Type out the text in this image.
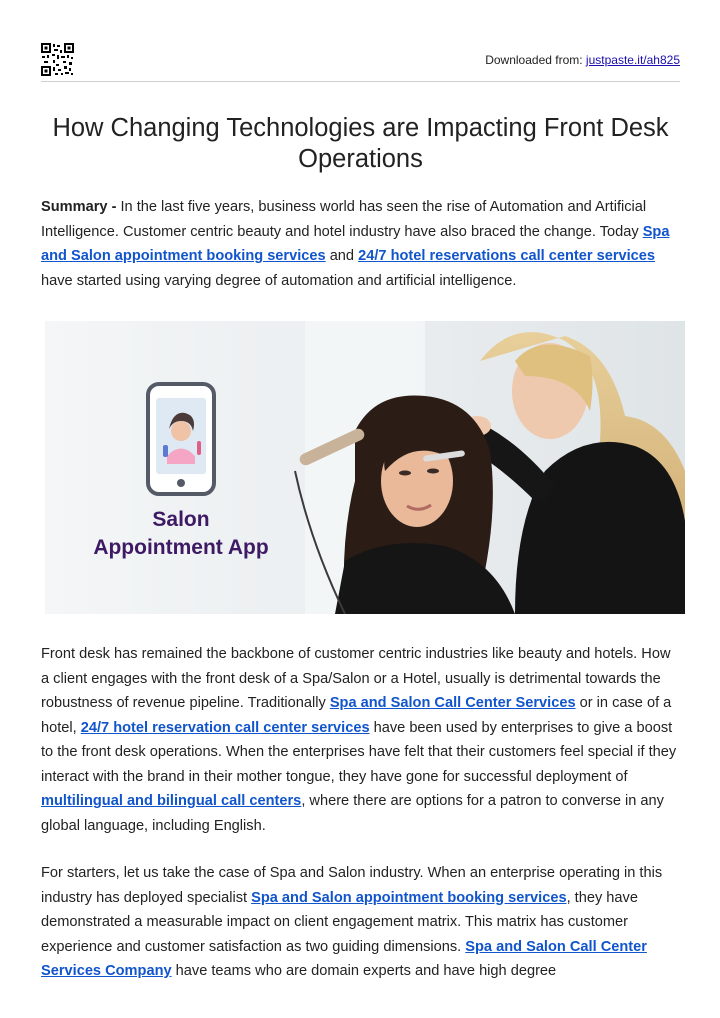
Downloaded from: justpaste.it/ah825
How Changing Technologies are Impacting Front Desk Operations

Summary - In the last five years, business world has seen the rise of Automation and Artificial Intelligence. Customer centric beauty and hotel industry have also braced the change. Today Spa and Salon appointment booking services and 24/7 hotel reservations call center services have started using varying degree of automation and artificial intelligence.

Salon
Appointment App

Front desk has remained the backbone of customer centric industries like beauty and hotels. How a client engages with the front desk of a Spa/Salon or a Hotel, usually is detrimental towards the robustness of revenue pipeline. Traditionally Spa and Salon Call Center Services or in case of a hotel, 24/7 hotel reservation call center services have been used by enterprises to give a boost to the front desk operations. When the enterprises have felt that their customers feel special if they interact with the brand in their mother tongue, they have gone for successful deployment of multilingual and bilingual call centers, where there are options for a patron to converse in any global language, including English.

For starters, let us take the case of Spa and Salon industry. When an enterprise operating in this industry has deployed specialist Spa and Salon appointment booking services, they have demonstrated a measurable impact on client engagement matrix. This matrix has customer experience and customer satisfaction as two guiding dimensions. Spa and Salon Call Center Services Company have teams who are domain experts and have high degree
